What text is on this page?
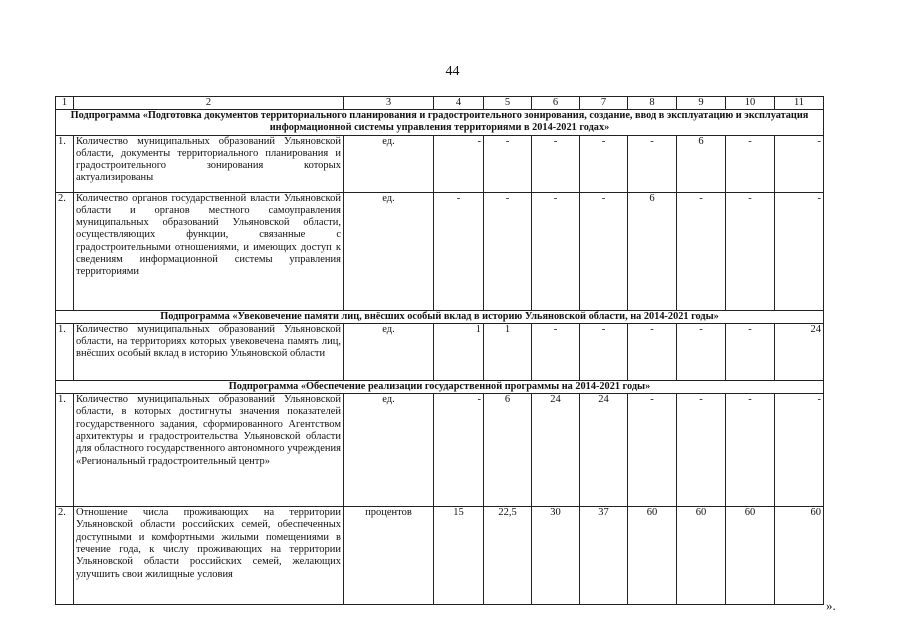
44
1	2	3	4	5	6	7	8	9	10	11
Подпрограмма «Подготовка документов территориального планирования и градостроительного зонирования, создание, ввод в эксплуатацию и эксплуатация информационной системы управления территориями в 2014-2021 годах»										
1.	Количество муниципальных образований Ульяновской области, документы территориального планирования и градостроительного зонирования которых актуализированы	ед.	-	-	-	-	-	6	-	-
2.	Количество органов государственной власти Ульяновской области и органов местного самоуправления муниципальных образований Ульяновской области, осуществляющих функции, связанные с градостроительными отношениями, и имеющих доступ к сведениям информационной системы управления территориями	ед.	-	-	-	-	6	-	-	-
Подпрограмма «Увековечение памяти лиц, внёсших особый вклад в историю Ульяновской области, на 2014-2021 годы»										
1.	Количество муниципальных образований Ульяновской области, на территориях которых увековечена память лиц, внёсших особый вклад в историю Ульяновской области	ед.	1	1	-	-	-	-	-	24
Подпрограмма «Обеспечение реализации государственной программы на 2014-2021 годы»										
1.	Количество муниципальных образований Ульяновской области, в которых достигнуты значения показателей государственного задания, сформированного Агентством архитектуры и градостроительства Ульяновской области для областного государственного автономного учреждения «Региональный градостроительный центр»	ед.	-	6	24	24	-	-	-	-
2.	Отношение числа проживающих на территории Ульяновской области российских семей, обеспеченных доступными и комфортными жилыми помещениями в течение года, к числу проживающих на территории Ульяновской области российских семей, желающих улучшить свои жилищные условия	процентов	15	22,5	30	37	60	60	60	60
».
